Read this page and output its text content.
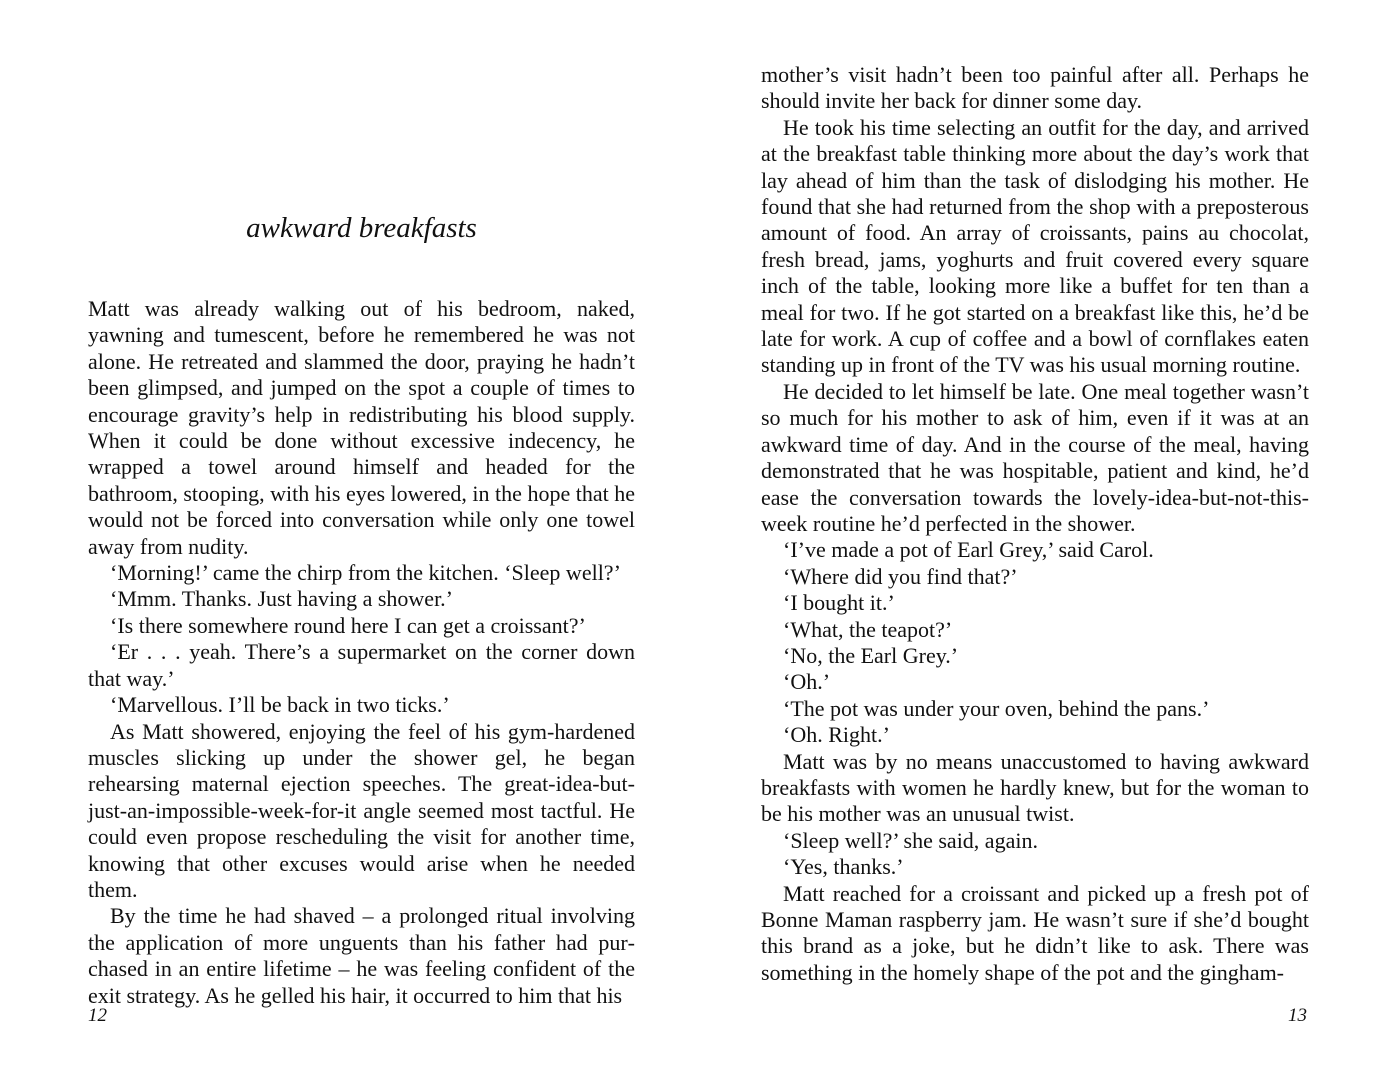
awkward breakfasts

Matt was already walking out of his bedroom, naked, yawning and tumescent, before he remembered he was not alone. He retreated and slammed the door, praying he hadn’t been glimpsed, and jumped on the spot a couple of times to encourage gravity’s help in redistributing his blood supply. When it could be done without excessive indecency, he wrapped a towel around himself and headed for the bathroom, stooping, with his eyes lowered, in the hope that he would not be forced into conversation while only one towel away from nudity.

‘Morning!’ came the chirp from the kitchen. ‘Sleep well?’

‘Mmm. Thanks. Just having a shower.’

‘Is there somewhere round here I can get a croissant?’

‘Er . . . yeah. There’s a supermarket on the corner down that way.’

‘Marvellous. I’ll be back in two ticks.’

As Matt showered, enjoying the feel of his gym-hardened muscles slicking up under the shower gel, he began rehearsing maternal ejection speeches. The great-idea-but-just-an-impossible-week-for-it angle seemed most tactful. He could even propose rescheduling the visit for another time, knowing that other excuses would arise when he needed them.

By the time he had shaved – a prolonged ritual involving the application of more unguents than his father had purchased in an entire lifetime – he was feeling confident of the exit strategy. As he gelled his hair, it occurred to him that his

12

mother’s visit hadn’t been too painful after all. Perhaps he should invite her back for dinner some day.

He took his time selecting an outfit for the day, and arrived at the breakfast table thinking more about the day’s work that lay ahead of him than the task of dislodging his mother. He found that she had returned from the shop with a preposterous amount of food. An array of croissants, pains au chocolat, fresh bread, jams, yoghurts and fruit covered every square inch of the table, looking more like a buffet for ten than a meal for two. If he got started on a breakfast like this, he’d be late for work. A cup of coffee and a bowl of cornflakes eaten standing up in front of the TV was his usual morning routine.

He decided to let himself be late. One meal together wasn’t so much for his mother to ask of him, even if it was at an awkward time of day. And in the course of the meal, having demonstrated that he was hospitable, patient and kind, he’d ease the conversation towards the lovely-idea-but-not-this-week routine he’d perfected in the shower.

‘I’ve made a pot of Earl Grey,’ said Carol.

‘Where did you find that?’

‘I bought it.’

‘What, the teapot?’

‘No, the Earl Grey.’

‘Oh.’

‘The pot was under your oven, behind the pans.’

‘Oh. Right.’

Matt was by no means unaccustomed to having awkward breakfasts with women he hardly knew, but for the woman to be his mother was an unusual twist.

‘Sleep well?’ she said, again.

‘Yes, thanks.’

Matt reached for a croissant and picked up a fresh pot of Bonne Maman raspberry jam. He wasn’t sure if she’d bought this brand as a joke, but he didn’t like to ask. There was something in the homely shape of the pot and the gingham-

13
